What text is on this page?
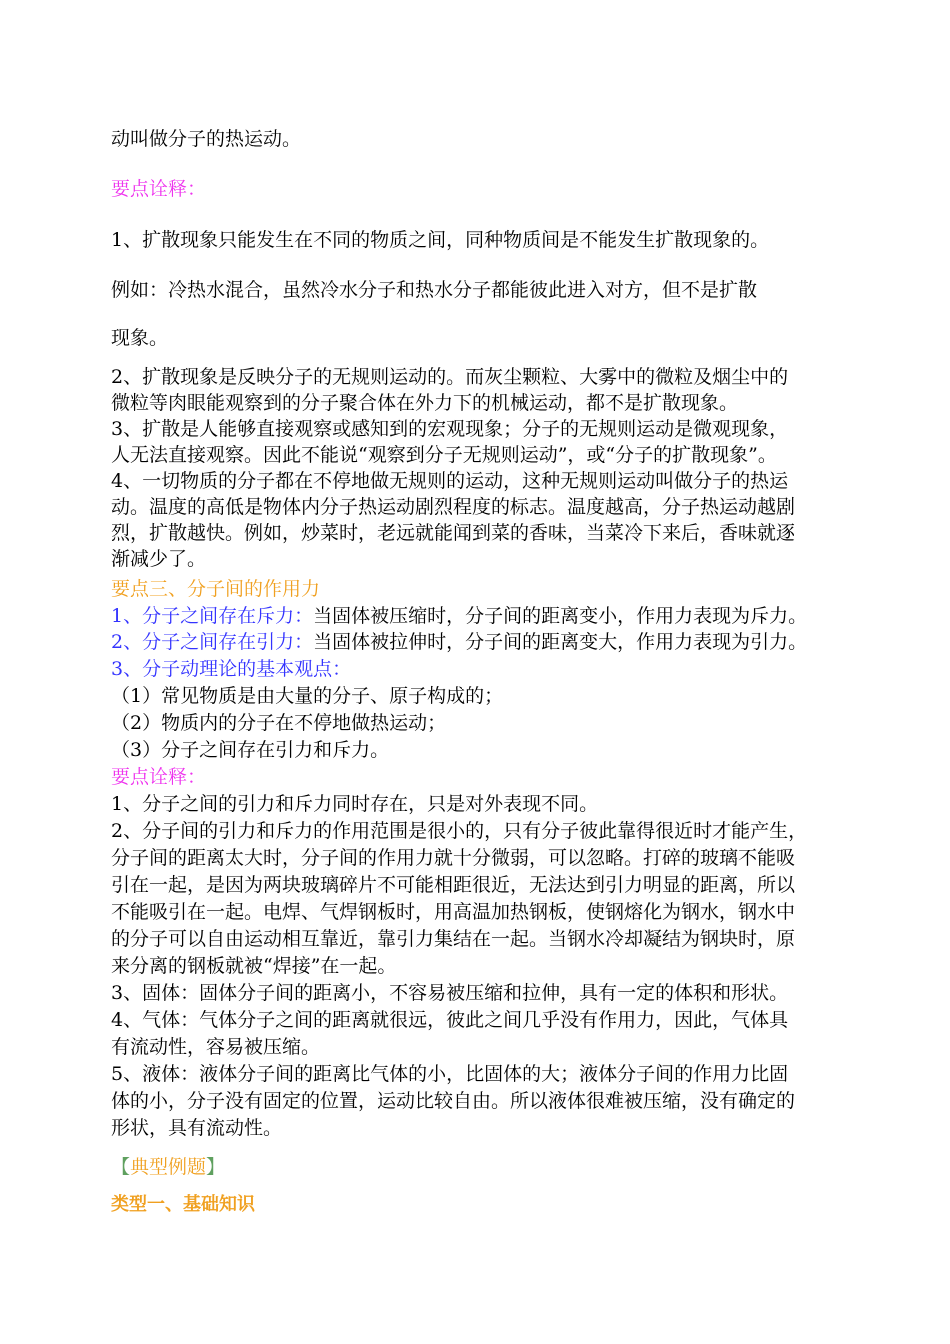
动叫做分子的热运动。
要点诠释：
1、扩散现象只能发生在不同的物质之间，同种物质间是不能发生扩散现象的。
例如：冷热水混合，虽然冷水分子和热水分子都能彼此进入对方，但不是扩散
现象。
2、扩散现象是反映分子的无规则运动的。而灰尘颗粒、大雾中的微粒及烟尘中的
微粒等肉眼能观察到的分子聚合体在外力下的机械运动，都不是扩散现象。
3、扩散是人能够直接观察或感知到的宏观现象；分子的无规则运动是微观现象，
人无法直接观察。因此不能说“观察到分子无规则运动”，或“分子的扩散现象”。
4、一切物质的分子都在不停地做无规则的运动，这种无规则运动叫做分子的热运
动。温度的高低是物体内分子热运动剧烈程度的标志。温度越高，分子热运动越剧
烈，扩散越快。例如，炒菜时，老远就能闻到菜的香味，当菜冷下来后，香味就逐
渐减少了。
要点三、分子间的作用力
1、分子之间存在斥力：当固体被压缩时，分子间的距离变小，作用力表现为斥力。
2、分子之间存在引力：当固体被拉伸时，分子间的距离变大，作用力表现为引力。
3、分子动理论的基本观点：
（1）常见物质是由大量的分子、原子构成的；
（2）物质内的分子在不停地做热运动；
（3）分子之间存在引力和斥力。
要点诠释：
1、分子之间的引力和斥力同时存在，只是对外表现不同。
2、分子间的引力和斥力的作用范围是很小的，只有分子彼此靠得很近时才能产生，
分子间的距离太大时，分子间的作用力就十分微弱，可以忽略。打碎的玻璃不能吸
引在一起，是因为两块玻璃碎片不可能相距很近，无法达到引力明显的距离，所以
不能吸引在一起。电焊、气焊钢板时，用高温加热钢板，使钢熔化为钢水，钢水中
的分子可以自由运动相互靠近，靠引力集结在一起。当钢水冷却凝结为钢块时，原
来分离的钢板就被“焊接”在一起。
3、固体：固体分子间的距离小，不容易被压缩和拉伸，具有一定的体积和形状。
4、气体：气体分子之间的距离就很远，彼此之间几乎没有作用力，因此，气体具
有流动性，容易被压缩。
5、液体：液体分子间的距离比气体的小，比固体的大；液体分子间的作用力比固
体的小，分子没有固定的位置，运动比较自由。所以液体很难被压缩，没有确定的
形状，具有流动性。
【典型例题】
类型一、基础知识
